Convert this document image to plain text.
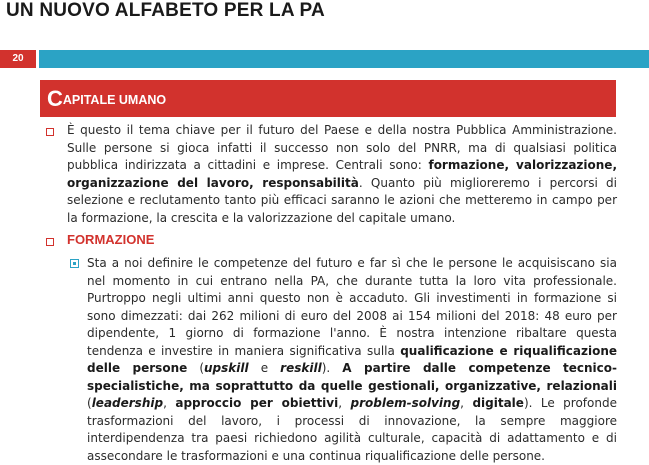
UN NUOVO ALFABETO PER LA PA
20
CAPITALE UMANO

È questo il tema chiave per il futuro del Paese e della nostra Pubblica Amministrazione. Sulle persone si gioca infatti il successo non solo del PNRR, ma di qualsiasi politica pubblica indirizzata a cittadini e imprese. Centrali sono: formazione, valorizzazione, organizzazione del lavoro, responsabilità. Quanto più miglioreremo i percorsi di selezione e reclutamento tanto più efficaci saranno le azioni che metteremo in campo per la formazione, la crescita e la valorizzazione del capitale umano.

FORMAZIONE

Sta a noi definire le competenze del futuro e far sì che le persone le acquisiscano sia nel momento in cui entrano nella PA, che durante tutta la loro vita professionale. Purtroppo negli ultimi anni questo non è accaduto. Gli investimenti in formazione si sono dimezzati: dai 262 milioni di euro del 2008 ai 154 milioni del 2018: 48 euro per dipendente, 1 giorno di formazione l'anno. È nostra intenzione ribaltare questa tendenza e investire in maniera significativa sulla qualificazione e riqualificazione delle persone (upskill e reskill). A partire dalle competenze tecnico-specialistiche, ma soprattutto da quelle gestionali, organizzative, relazionali (leadership, approccio per obiettivi, problem-solving, digitale). Le profonde trasformazioni del lavoro, i processi di innovazione, la sempre maggiore interdipendenza tra paesi richiedono agilità culturale, capacità di adattamento e di assecondare le trasformazioni e una continua riqualificazione delle persone.
